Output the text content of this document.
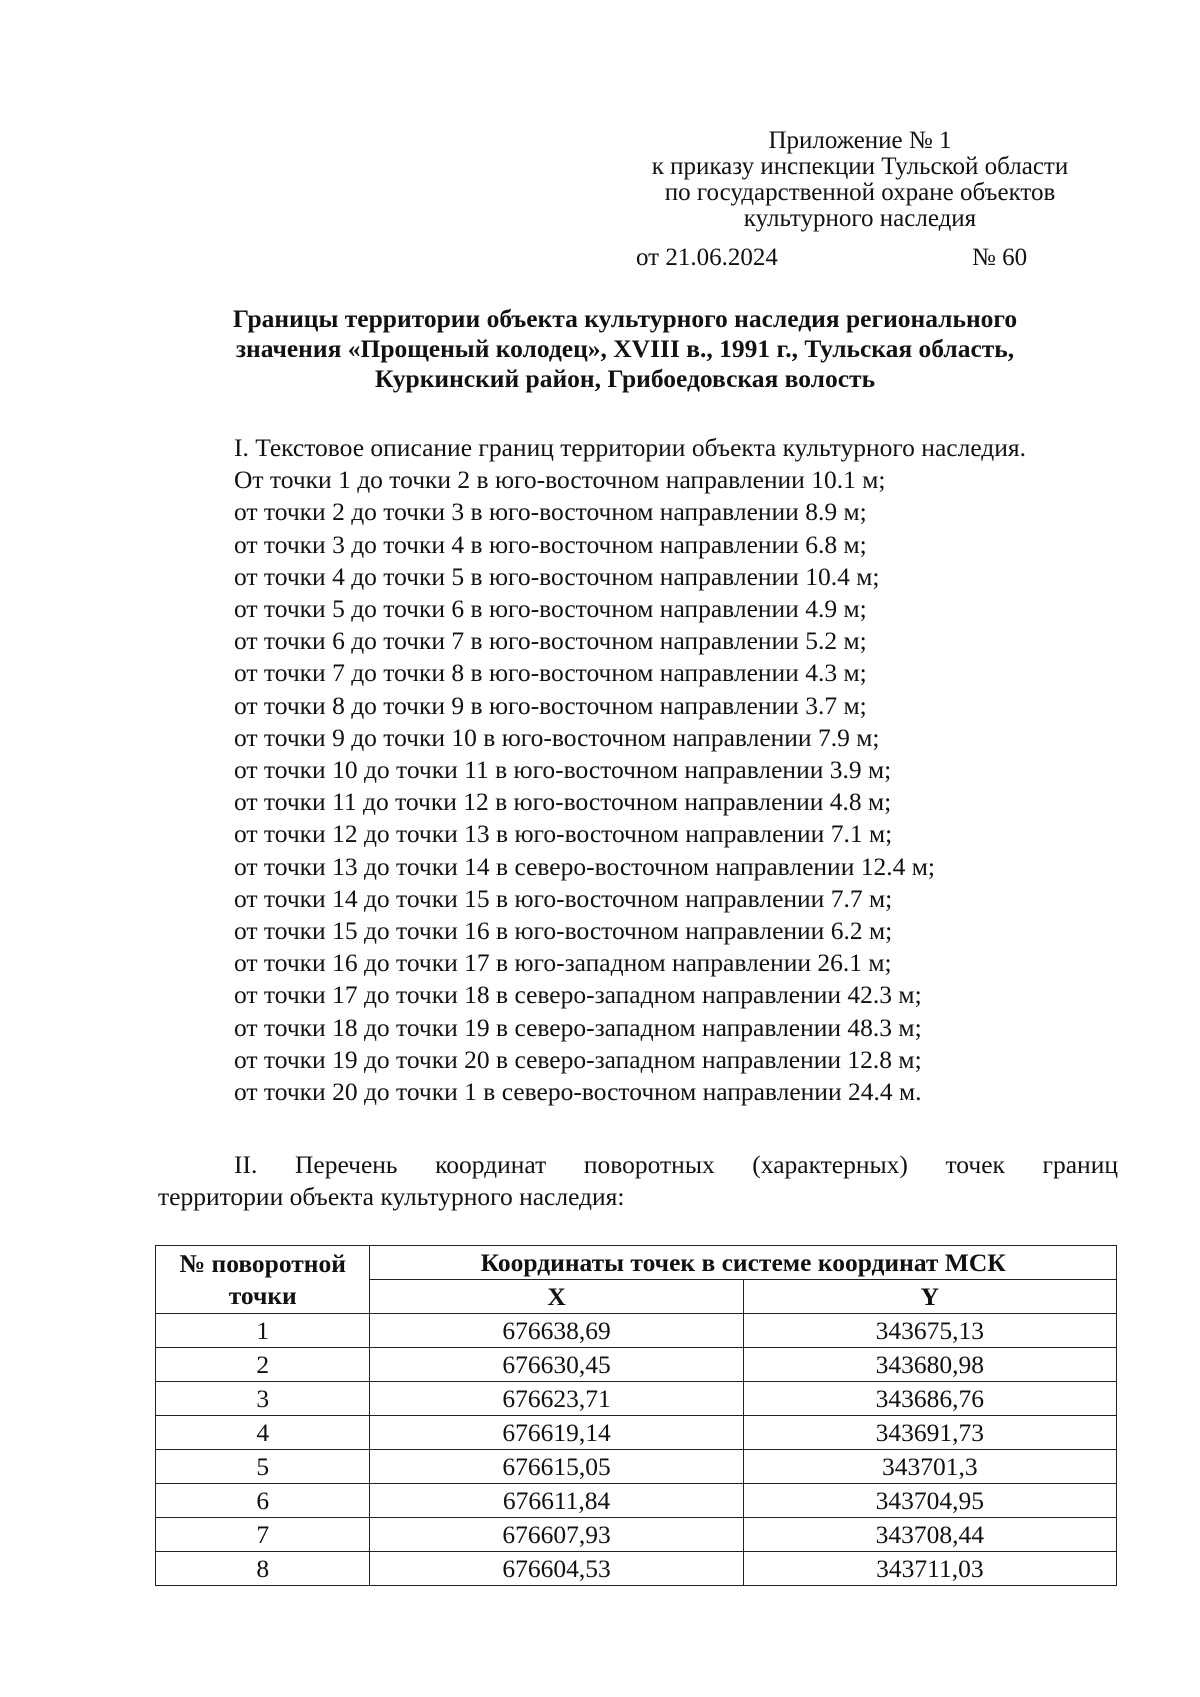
Приложение № 1
к приказу инспекции Тульской области
по государственной охране объектов
культурного наследия
от 21.06.2024	№ 60
Границы территории объекта культурного наследия регионального
значения «Прощеный колодец», XVIII в., 1991 г., Тульская область,
Куркинский район, Грибоедовская волость
I. Текстовое описание границ территории объекта культурного наследия.
От точки 1 до точки 2 в юго-восточном направлении 10.1 м;
от точки 2 до точки 3 в юго-восточном направлении 8.9 м;
от точки 3 до точки 4 в юго-восточном направлении 6.8 м;
от точки 4 до точки 5 в юго-восточном направлении 10.4 м;
от точки 5 до точки 6 в юго-восточном направлении 4.9 м;
от точки 6 до точки 7 в юго-восточном направлении 5.2 м;
от точки 7 до точки 8 в юго-восточном направлении 4.3 м;
от точки 8 до точки 9 в юго-восточном направлении 3.7 м;
от точки 9 до точки 10 в юго-восточном направлении 7.9 м;
от точки 10 до точки 11 в юго-восточном направлении 3.9 м;
от точки 11 до точки 12 в юго-восточном направлении 4.8 м;
от точки 12 до точки 13 в юго-восточном направлении 7.1 м;
от точки 13 до точки 14 в северо-восточном направлении 12.4 м;
от точки 14 до точки 15 в юго-восточном направлении 7.7 м;
от точки 15 до точки 16 в юго-восточном направлении 6.2 м;
от точки 16 до точки 17 в юго-западном направлении 26.1 м;
от точки 17 до точки 18 в северо-западном направлении 42.3 м;
от точки 18 до точки 19 в северо-западном направлении 48.3 м;
от точки 19 до точки 20 в северо-западном направлении 12.8 м;
от точки 20 до точки 1 в северо-восточном направлении 24.4 м.
II. Перечень координат поворотных (характерных) точек границ
территории объекта культурного наследия:
№ поворотной точки	Координаты точек в системе координат МСК	
	X	Y
1	676638,69	343675,13
2	676630,45	343680,98
3	676623,71	343686,76
4	676619,14	343691,73
5	676615,05	343701,3
6	676611,84	343704,95
7	676607,93	343708,44
8	676604,53	343711,03
